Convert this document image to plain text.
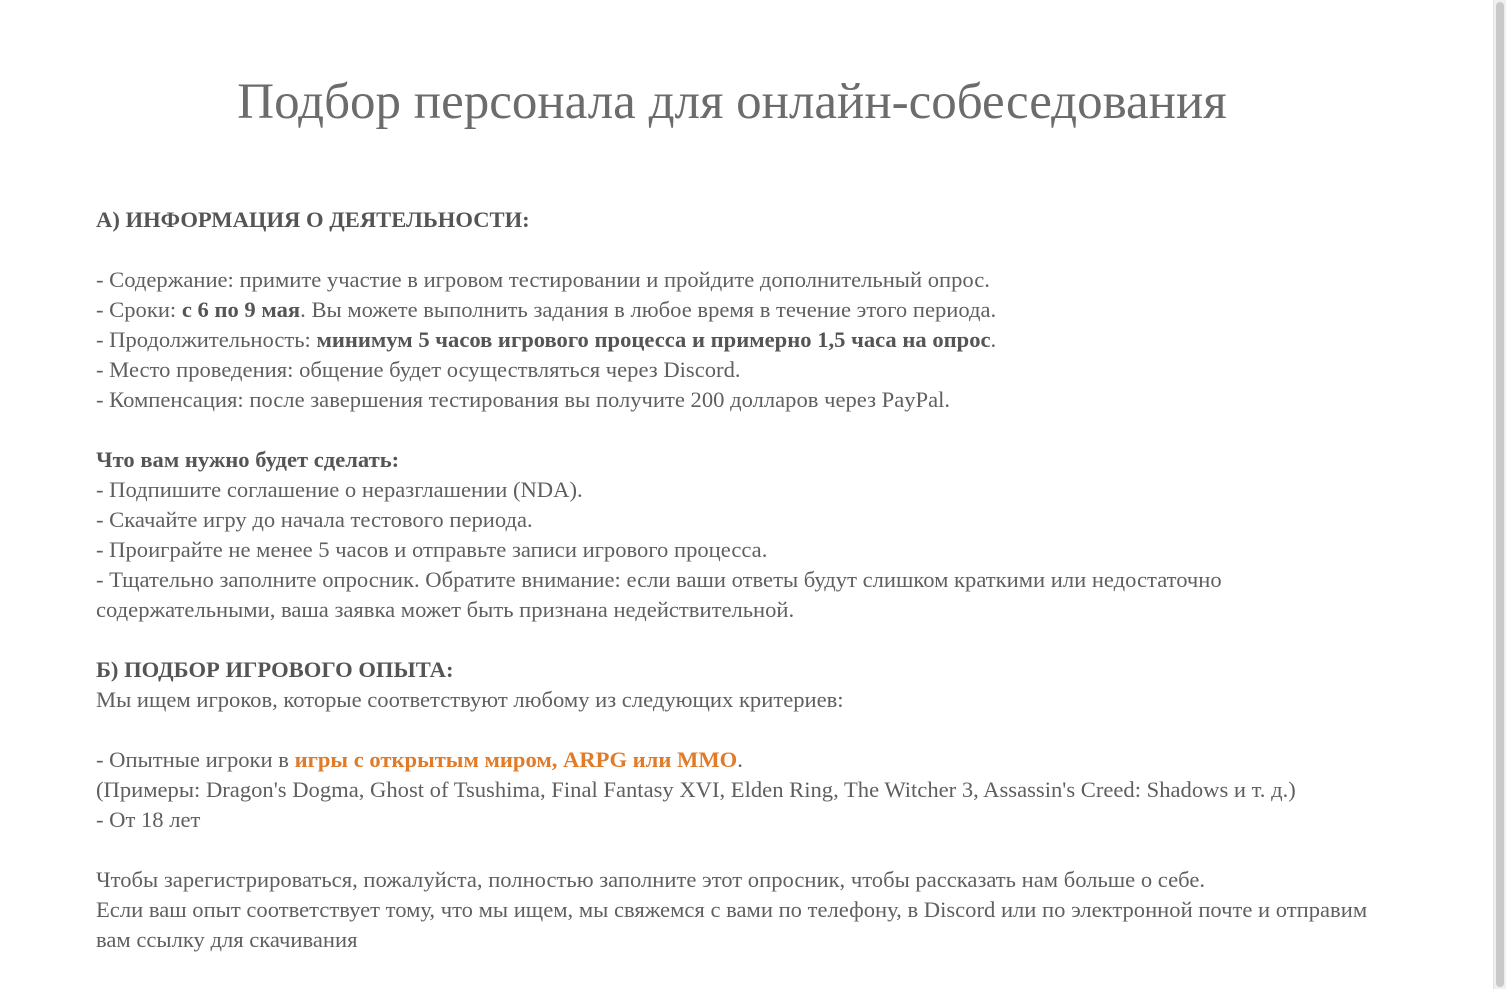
Подбор персонала для онлайн-собеседования

А) ИНФОРМАЦИЯ О ДЕЯТЕЛЬНОСТИ:

- Содержание: примите участие в игровом тестировании и пройдите дополнительный опрос.

- Сроки: с 6 по 9 мая. Вы можете выполнить задания в любое время в течение этого периода.

- Продолжительность: минимум 5 часов игрового процесса и примерно 1,5 часа на опрос.

- Место проведения: общение будет осуществляться через Discord.

- Компенсация: после завершения тестирования вы получите 200 долларов через PayPal.

Что вам нужно будет сделать:

- Подпишите соглашение о неразглашении (NDA).

- Скачайте игру до начала тестового периода.

- Проиграйте не менее 5 часов и отправьте записи игрового процесса.

- Тщательно заполните опросник. Обратите внимание: если ваши ответы будут слишком краткими или недостаточно содержательными, ваша заявка может быть признана недействительной.

Б) ПОДБОР ИГРОВОГО ОПЫТА:

Мы ищем игроков, которые соответствуют любому из следующих критериев:

- Опытные игроки в игры с открытым миром, ARPG или MMO.

(Примеры: Dragon's Dogma, Ghost of Tsushima, Final Fantasy XVI, Elden Ring, The Witcher 3, Assassin's Creed: Shadows и т. д.)

- От 18 лет

Чтобы зарегистрироваться, пожалуйста, полностью заполните этот опросник, чтобы рассказать нам больше о себе.

Если ваш опыт соответствует тому, что мы ищем, мы свяжемся с вами по телефону, в Discord или по электронной почте и отправим вам ссылку для скачивания
